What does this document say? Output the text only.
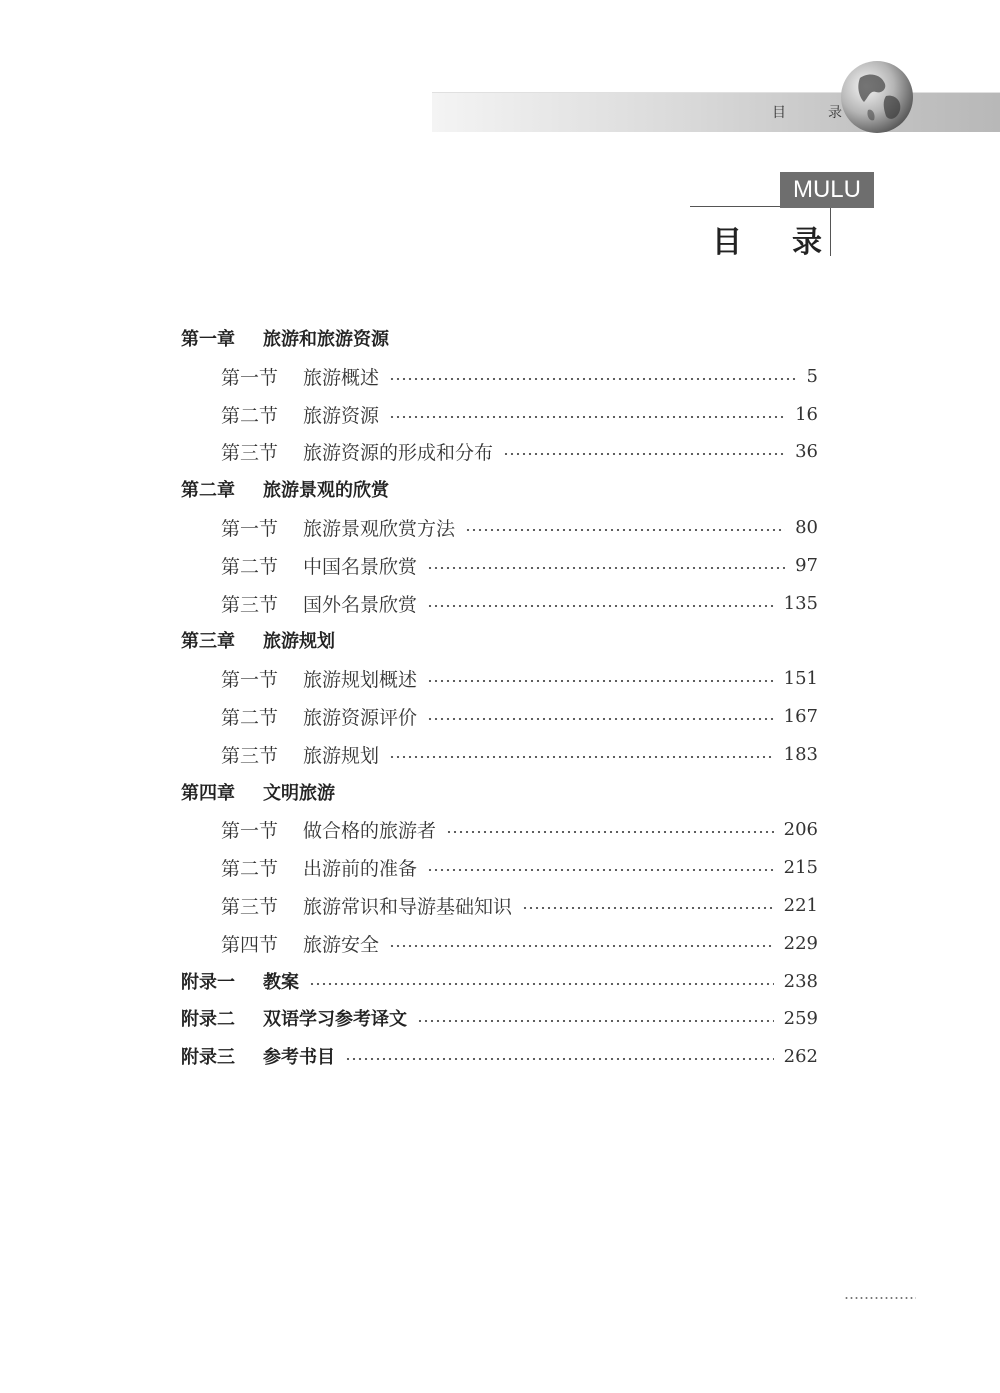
目	录
MULU
目 录
第一章	旅游和旅游资源
第一节	旅游概述	5
第二节	旅游资源	16
第三节	旅游资源的形成和分布	36
第二章	旅游景观的欣赏
第一节	旅游景观欣赏方法	80
第二节	中国名景欣赏	97
第三节	国外名景欣赏	135
第三章	旅游规划
第一节	旅游规划概述	151
第二节	旅游资源评价	167
第三节	旅游规划	183
第四章	文明旅游
第一节	做合格的旅游者	206
第二节	出游前的准备	215
第三节	旅游常识和导游基础知识	221
第四节	旅游安全	229
附录一	教案	238
附录二	双语学习参考译文	259
附录三	参考书目	262
